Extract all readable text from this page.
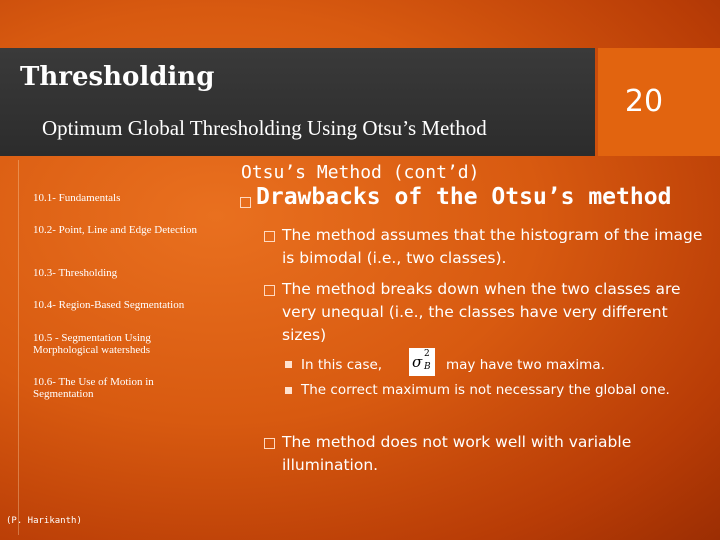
Thresholding
Optimum Global Thresholding Using Otsu’s Method
20
10.1- Fundamentals
10.2- Point, Line and Edge Detection
10.3- Thresholding
10.4- Region-Based Segmentation
10.5 - Segmentation Using Morphological watersheds
10.6- The Use of Motion in Segmentation
(P. Harikanth)
Otsu’s Method (cont’d)
Drawbacks of the Otsu’s method
The method assumes that the histogram of the image is bimodal (i.e., two classes).
The method breaks down when the two classes are very unequal (i.e., the classes have very different sizes)
In this case,	σ 2
B may have two maxima.
The correct maximum is not necessary the global one.
The method does not work well with variable illumination.
